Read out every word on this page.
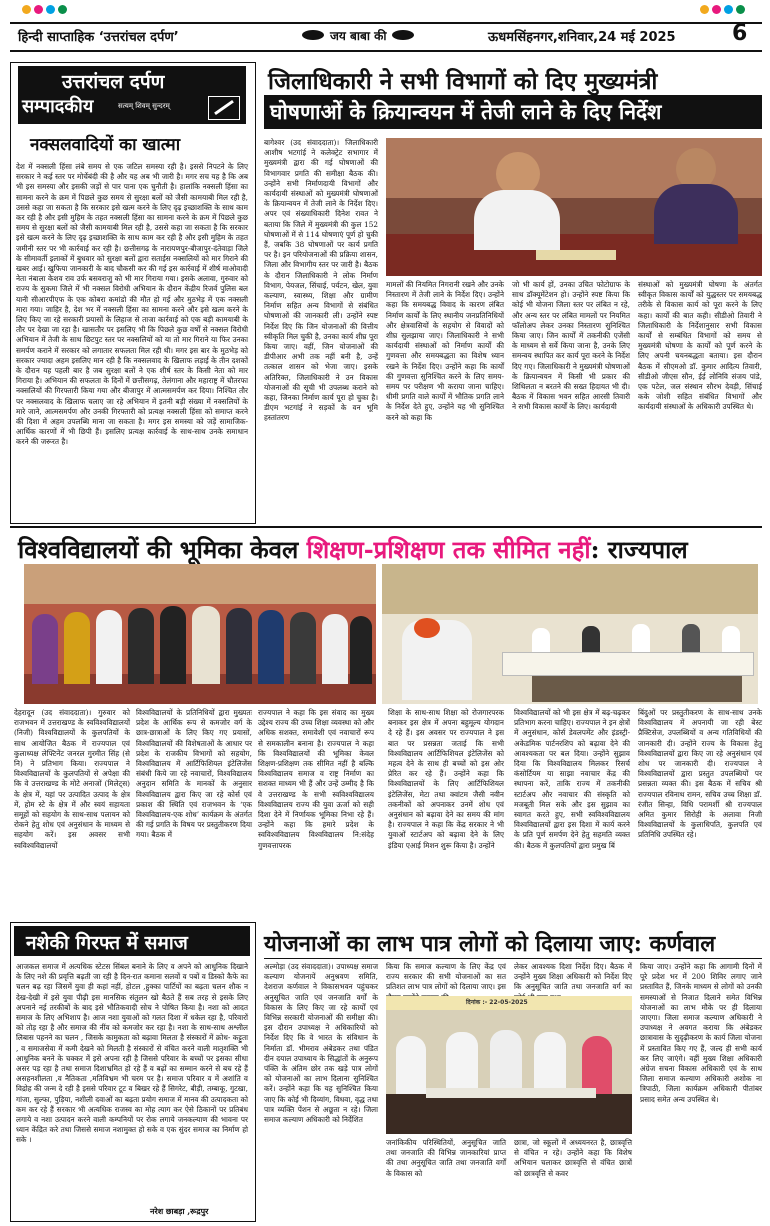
हिन्दी साप्ताहिक ‘उत्तरांचल दर्पण’	जय बाबा की	ऊधमसिंहनगर,शनिवार,24 मई 2025	6
उत्तरांचल दर्पण
सम्पादकीय	सत्यम् शिवम् सुन्दरम्
नक्सलवादियों का खात्मा
देश में नक्सली हिंसा लंबे समय से एक जटिल समस्या रही है। इससे निपटने के लिए सरकार ने कई स्तर पर मोर्चेबंदी की है और यह अब भी जारी है। मगर सच यह है कि अब भी इस समस्या और इसकी जड़ों से पार पाना एक चुनौती है। हालांकि नक्सली हिंसा का सामना करने के क्रम में पिछले कुछ समय से सुरक्षा बलों को जैसी कामयाबी मिल रही है, उससे कहा जा सकता है कि सरकार इसे खत्म करने के लिए दृढ़ इच्छाशक्ति के साथ काम कर रही है और इसी मुहिम के तहत नक्सली हिंसा का सामना करने के क्रम में पिछले कुछ समय से सुरक्षा बलों को जैसी कामयाबी मिल रही है, उससे कहा जा सकता है कि सरकार इसे खत्म करने के लिए दृढ़ इच्छाशक्ति के साथ काम कर रही है और इसी मुहिम के तहत जमीनी स्तर पर भी कार्रवाई कर रही है। छत्तीसगढ़ के नारायणपुर-बीजापुर-दंतेवाड़ा जिले के सीमावर्ती इलाकों में बुधवार को सुरक्षा बलों द्वारा सताईस नक्सलियों को मार गिराने की खबर आई। खुफिया जानकारी के बाद चौकसी कर की गई इस कार्रवाई में शीर्ष माओवादी नेता नंबाला केशव राव उर्फ बसवराजु को भी मार गिराया गया। इसके अलावा, गुरुवार को राज्य के सुकमा जिले में भी नक्सल विरोधी अभियान के दौरान केंद्रीय रिजर्व पुलिस बल यानी सीआरपीएफ के एक कोबरा कमांडो की मौत हो गई और मुठभेड़ में एक नक्सली मारा गया। जाहिर है, देश भर में नक्सली हिंसा का सामना करने और इसे खत्म करने के लिए किए जा रहे सरकारी प्रयासों के लिहाज से ताजा कार्रवाई को एक बड़ी कामयाबी के तौर पर देखा जा रहा है। खासतौर पर इसलिए भी कि पिछले कुछ वर्षों से नक्सल विरोधी अभियान में तेजी के साथ छिटपुट स्तर पर नक्सलियों को या तो मार गिराने या फिर उनका समर्पण कराने में सरकार को लगातार सफलता मिल रही थी। मगर इस बार के मुठभेड़ को सरकार ज्यादा अहम इसलिए मान रही है कि नक्सलवाद के खिलाफ लड़ाई के तीन दशकों के दौरान यह पहली बार है जब सुरक्षा बलों ने एक शीर्ष स्तर के किसी नेता को मार गिराया है। अभियान की सफलता के दिनों में छत्तीसगढ़, तेलंगाना और महाराष्ट्र में चौतरफा नक्सलियों की गिरफ्तारी किया गया और बीजापुर में आत्मसमर्पण कर दिया। निश्चित तौर पर नक्सलवाद के खिलाफ चलाए जा रहे अभियान में इतनी बड़ी संख्या में नक्सलियों के मारे जाने, आत्मसमर्पण और उनकी गिरफ्तारी को प्रत्यक्ष नक्सली हिंसा को समाप्त करने की दिशा में अहम उपलब्धि माना जा सकता है। मगर इस समस्या को जड़ें सामाजिक-आर्थिक कारणों में भी छिपी हैं। इसलिए प्रत्यक्ष कार्रवाई के साथ-साथ उनके समाधान करने की जरूरत है।
जिलाधिकारी ने सभी विभागों को दिए मुख्यमंत्री
घोषणाओं के क्रियान्वयन में तेजी लाने के दिए निर्देश
बागेश्वर (उद संवाददाता)। जिलाधिकारी आशीष भटगांई ने कलेक्ट्रेट सभागार में मुख्यमंत्री द्वारा की गई घोषणाओं की विभागवार प्रगति की समीक्षा बैठक की। उन्होंने सभी निर्माणदायी विभागों और कार्यदायी संस्थाओं को मुख्यमंत्री घोषणाओं के क्रियान्वयन में तेजी लाने के निर्देश दिए। अपर एवं संख्याधिकारी दिनेश रावत ने बताया कि जिले में मुख्यमंत्री की कुल 152 घोषणाओं में से 114 घोषणाएं पूर्ण हो चुकी हैं, जबकि 38 घोषणाओं पर कार्य प्रगति पर है। इन परियोजनाओं की प्रक्रिया शासन, जिला और विभागीय स्तर पर जारी है। बैठक के दौरान जिलाधिकारी ने लोक निर्माण विभाग, पेयजल, सिंचाई, पर्यटन, खेल, युवा कल्याण, स्वास्थ्य, शिक्षा और ग्रामीण निर्माण सहित अन्य विभागों से संबंधित घोषणाओं की जानकारी ली। उन्होंने स्पष्ट निर्देश दिए कि जिन योजनाओं की वित्तीय स्वीकृति मिल चुकी है, उनका कार्य शीघ्र पूरा किया जाए। वहीं, जिन योजनाओं की डीपीआर अभी तक नहीं बनी है, उन्हें तत्काल शासन को भेजा जाए। इसके अतिरिक्त, जिलाधिकारी ने उन विकास योजनाओं की सूची भी उपलब्ध कराने को कहा, जिनका निर्माण कार्य पूरा हो चुका है। डीएम भटगांई ने सड़कों के वन भूमि हस्तांतरण
मामलों की नियमित निगरानी रखने और उनके निस्तारण में तेजी लाने के निर्देश दिए। उन्होंने कहा कि समयबद्ध विवाद के कारण लंबित निर्माण कार्यों के लिए स्थानीय जनप्रतिनिधियों और क्षेत्रवासियों के सहयोग से विवादों को शीघ्र सुलझाया जाए। जिलाधिकारी ने सभी कार्यदायी संस्थाओं को निर्माण कार्यों की गुणवत्ता और समयबद्धता का विशेष ध्यान रखने के निर्देश दिए। उन्होंने कहा कि कार्यों की गुणवत्ता सुनिश्चित करने के लिए समय-समय पर परीक्षण भी कराया जाना चाहिए। धीमी प्रगति वाले कार्यों में भौतिक प्रगति लाने के निर्देश देते हुए, उन्होंने यह भी सुनिश्चित करने को कहा कि
जो भी कार्य हों, उनका उचित फोटोग्राफ के साथ डॉक्यूमेंटेशन हो। उन्होंने स्पष्ट किया कि कोई भी योजना जिला स्तर पर लंबित न रहे, और अन्य स्तर पर लंबित मामलों पर नियमित फॉलोअप लेकर उनका निस्तारण सुनिश्चित किया जाए। जिन कार्यों में तकनीकी एजेंसी के माध्यम से सर्वे किया जाना है, उनके लिए समन्वय स्थापित कर कार्य पूरा करने के निर्देश दिए गए। जिलाधिकारी ने मुख्यमंत्री घोषणाओं के क्रियान्वयन में किसी भी प्रकार की शिथिलता न बरतने की सख्त हिदायत भी दी। बैठक में विकास भवन सहित आरसी तिवारी ने सभी विकास कार्यों के लिए। कार्यदायी
संस्थाओं को मुख्यमंत्री घोषणा के अंतर्गत स्वीकृत विकास कार्यों को युद्धस्तर पर समयबद्ध तरीके से विकास कार्य को पूरा करने के लिए कहा। कार्यों की बात कही। सीडीओ तिवारी ने जिलाधिकारी के निर्देशानुसार सभी विकास कार्यों से सम्बंधित विभागों को समय से मुख्यमंत्री घोषणा के कार्यों को पूर्ण करने के लिए अपनी चयनबद्धता बताया। इस दौरान बैठक में सीएमओ डॉ. कुमार आदित्य तिवारी, सीडीओ जीएस सौन, ईई लोनिवि संजय पांडे, एक पटेल, जल संस्थान सौरभ देवड़ी, सिंचाई कके जोशी सहित संबंधित विभागों और कार्यदायी संस्थाओं के अधिकारी उपस्थित थे।
विश्वविद्यालयों की भूमिका केवल शिक्षण-प्रशिक्षण तक सीमित नहीं: राज्यपाल
देहरादून (उद संवाददाता)। गुरुवार को राजभवन में उत्तराखण्ड के स्वविश्वविद्यालयों (निजी) विश्वविद्यालयों के कुलपतियों के साथ आयोजित बैठक में राज्यपाल एवं कुलाध्यक्ष लेफ्टिनेंट जनरल गुरमीत सिंह (से नि) ने प्रतिभाग किया। राज्यपाल ने विश्वविद्यालयों के कुलपतियों से अपेक्षा की कि वे उत्तराखण्ड के मोटे अनाजों (मिलेट्स) के क्षेत्र में, यहां पर उत्पादित उत्पाद के क्षेत्र में, होम स्टे के क्षेत्र में और स्वयं सहायता समूहों को सहयोग के साथ-साथ पलायन को रोकने हेतु शोध एवं अनुसंधान के माध्यम से सहयोग करें। इस अवसर सभी स्वविश्वविद्यालयों
विश्वविद्यालयों के प्रतिनिधियों द्वारा मुख्यतः प्रदेश के आर्थिक रूप से कमजोर वर्ग के छात्र-छात्राओं के लिए किए गए प्रयासों, विश्वविद्यालयों की विशेषताओं के आधार पर प्रदेश के राजकीय विभागों को सहयोग, विश्वविद्यालय में आर्टिफिशियल इंटेलिजेंस संबंधी किये जा रहे नवाचारों, विश्वविद्यालय अनुदान समिति के मानकों के अनुसार विश्वविद्यालय द्वारा किए जा रहे कोर्स एवं प्रकाश की स्थिति एवं राजभवन के ‘एक विश्वविद्यालय-एक शोध’ कार्यक्रम के अंतर्गत की गई प्रगति के विषय पर प्रस्तुतीकरण दिया गया। बैठक में
राज्यपाल ने कहा कि इस संवाद का मुख्य उद्देश्य राज्य की उच्च शिक्षा व्यवस्था को और अधिक सशक्त, समावेशी एवं नवाचारों रूप से समकालीन बनाना है। राज्यपाल ने कहा कि विश्वविद्यालयों की भूमिका केवल शिक्षण-प्रशिक्षण तक सीमित नहीं है बल्कि विश्वविद्यालय समाज व राष्ट्र निर्माण का सशक्त माध्यम भी हैं और उन्हें उम्मीद है कि वे उत्तराखण्ड के सभी स्वविश्वविद्यालय विश्वविद्यालय राज्य की युवा ऊर्जा को सही दिशा देने में निर्णायक भूमिका निभा रहे हैं। उन्होंने कहा कि हमारे प्रदेश के स्वविश्वविद्यालय विश्वविद्यालय नि:संदेह गुणवत्तापरक
शिक्षा के साथ-साथ शिक्षा को रोजगारपरक बनाकर इस क्षेत्र में अपना बहुमूल्य योगदान दे रहे हैं। इस अवसर पर राज्यपाल ने इस बात पर प्रसन्नता जताई कि सभी विश्वविद्यालय आर्टिफिशियल इंटेलिजेंस को महत्व देने के साथ ही बच्चों को इस ओर प्रेरित कर रहे हैं। उन्होंने कहा कि विश्वविद्यालयों के लिए आर्टिफिशियल इंटेलिजेंस, मेटा तथा क्वांटम जैसी नवीन तकनीकों को अपनाकर उनमें शोध एवं अनुसंधान को बढ़ावा देने का समय की मांग है। राज्यपाल ने कहा कि केंद्र सरकार ने भी युवाओं स्टार्टअप को बढ़ावा देने के लिए इंडिया एआई मिशन शुरू किया है। उन्होंने
विश्वविद्यालयों को भी इस क्षेत्र में बढ़-चढ़कर प्रतिभाग करना चाहिए। राज्यपाल ने इन क्षेत्रों में अनुसंधान, कोर्स डेवलपमेंट और इंडस्ट्री-अकेडमिक पार्टनरशिप को बढ़ावा देने की आवश्यकता पर बल दिया। उन्होंने सुझाव दिया कि विश्वविद्यालय मिलकर रिसर्च कंसोर्टियम या साझा नवाचार केंद्र की स्थापना करें, ताकि राज्य में तकनीकी स्टार्टअप और नवाचार की संस्कृति को मजबूती मिल सके और इस सुझाव का स्वागत करते हुए, सभी स्वविश्वविद्यालय विश्वविद्यालयों द्वारा इस दिशा में कार्य करने के प्रति पूर्ण समर्पण देने हेतु सहमति व्यक्त की। बैठक में कुलपतियों द्वारा प्रमुख बिं
बिंदुओं पर प्रस्तुतीकरण के साथ-साथ उनके विश्वविद्यालय में अपनायी जा रही बेस्ट प्रैक्टिसेज, उपलब्धियों व अन्य गतिविधियों की जानकारी दी। उन्होंने राज्य के विकास हेतु विश्वविद्यालयों द्वारा किए जा रहे अनुसंधान एवं शोध पर जानकारी दी। राज्यपाल ने विश्वविद्यालयों द्वारा प्रस्तुत उपलब्धियों पर प्रसन्नता व्यक्त की। इस बैठक में सचिव श्री राज्यपाल रविनाथ रामन, सचिव उच्च शिक्षा डॉ. रंजीत सिन्हा, विधि परामर्शी श्री राज्यपाल अमित कुमार सिरोही के अलावा निजी विश्वविद्यालयों के कुलाधिपति, कुलपति एवं प्रतिनिधि उपस्थित रहे।
नशेकी गिरफ्त में समाज
आजकल समाज में अत्यधिक स्टेटस सिंबल बनाने के लिए व अपने को आधुनिक दिखाने के लिए नशे की प्रवृत्ति बढ़ती जा रही है दिन-रात कमाना सलवों व पबों व डिस्को कैफे का चलन बढ़ रहा जिसमें युवा ही कहां नहीं, होटल ,हुक्का पार्टियों का बढ़ता चलन शौक न देख-देखी में इसे युवा पीढ़ी इस मानसिक संतुलन खो बैठते हैं सब तरह से इसके लिए अपनाने नई तरकीबों के बाद इसे भौतिकवादी सोच ने पोषित किया है। नशा को आदत समाज के लिए अभिशाप है। आज नशा युवाओं को गलत दिशा में धकेल रहा है, परिवारों को तोड़ रहा है और समाज की नींव को कमजोर कर रहा है। नशा के साथ-साथ अश्लील लिबास पहनने का चलन , जिसके कामुकता को बढ़ावा मिलता है संस्कारों में क्रोध- कट्टुता , व समाजसेवा में कमी देखने को मिलती है संस्कारों से वंचित करने वाली मातृशक्ति भी आधुनिक बनने के चक्कर में इसे अपना रही है जिससे परिवार के बच्चों पर इसका सीधा असर पड़ रहा है तथा समाज दिशाभ्रमित हो रहे हैं व बढ़ों का सम्मान करने से बच रहे हैं असहनशीलता ,व नैतिकता ,मतिविभ्रम भी चरम पर है। समाज परिवार व में अशांति व विद्रोह की जन्म दे रही है इससे परिवार टूट व बिखर रहे हैं सिगरेट, बीड़ी, तम्बाकू, गुटखा, गांजा, सुल्फा, पुड़िया, नशीली दवाओं का बढ़ता प्रयोग समाज में मानव की उत्पादकता को कम कर रहे हैं सरकार भी अत्यधिक राजस्व का मोह त्याग कर ऐसे ठिकानों पर प्रतिबंध लगाये व नशा उत्पादन करने वाली कम्पनियों पर रोक लगाये जनकल्याण की भावना पर ध्यान केंद्रित करे तथा जिससे समाज नशामुक्त हो सके व एक सुंदर समाज का निर्माण हो सके ।
नरेश छाबड़ा ,रूद्रपुर
योजनाओं का लाभ पात्र लोगों को दिलाया जाए: कर्णवाल
अल्मोड़ा (उद संवाददाता)। उपाध्यक्ष समाज कल्याण योजनायें अनुश्रवण समिति, देशराज कर्णवाल ने विकासभवन पहुंचकर अनुसूचित जाति एवं जनजाति वर्गों के विकास के लिए किए जा रहे कार्यों एवं विभिन्न सरकारी योजनाओं की समीक्षा की। इस दौरान उपाध्यक्ष ने अधिकारियों को निर्देश दिए कि वे भारत के संविधान के निर्माता डॉ. भीमराव अंबेडकर तथा पंडित दीन दयाल उपाध्याय के सिद्धांतों के अनुरूप पंक्ति के अंतिम छोर तक खड़े पात्र लोगों को योजनाओं का लाभ दिलाना सुनिश्चित करें। उन्होंने कहा कि यह सुनिश्चित किया जाए कि कोई भी दिव्यांग, विधवा, वृद्ध तथा पात्र व्यक्ति पेंशन से अछूता न रहे। जिला समाज कल्याण अधिकारी को निर्देशित
किया कि समाज कल्याण के लिए केंद्र एवं राज्य सरकार की सभी योजनाओं का सत प्रतिशत लाभ पात्र लोगों को दिलाया जाए। इस
लेकर आवश्यक दिशा निर्देश दिए। बैठक में उन्होंने मुख्य शिक्षा अधिकारी को निर्देश दिए कि अनुसूचित जाति तथा जनजाति वर्ग का
दिनांक :- 22-05-2025
जनांकिकीय परिस्थितियों, अनुसूचित जाति तथा जनजाति की विभिन्न जानकारियां प्राप्त की तथा अनुसूचित जाति तथा जनजाति वर्गों के विकास को
छात्रा, जो स्कूलों में अध्ययनरत है, छात्रवृत्ति से वंचित न रहे। उन्होंने कहा कि विशेष अभियान चलाकर छात्रवृत्ति से वंचित छात्रों को छात्रवृत्ति से कवर
किया जाए। उन्होंने कहा कि आगामी दिनों में पूरे प्रदेश भर में 200 शिविर लगाए जाने प्रस्तावित हैं, जिनके माध्यम से लोगों को उनकी समस्याओं से निजात दिलाने समेत विभिन्न योजनाओं का लाभ मौके पर ही दिलाया जाएगा। जिला समाज कल्याण अधिकारी ने उपाध्यक्ष ने अवगत कराया कि अंबेडकर छात्रावास के सुदृढ़ीकरण के कार्य जिला योजना में प्रस्तावित किए गए हैं, जल्द ही सभी कार्य कर लिए जाएंगे। वहीं मुख्य शिक्षा अधिकारी अंग्रेज सचना विकास अधिकारी एवं के साथ जिला समाज कल्याण अधिकारी अशोक ना त्रिपाठी, जिला कार्यक्रम अधिकारी पीतांबर प्रसाद समेत अन्य उपस्थित थे।
